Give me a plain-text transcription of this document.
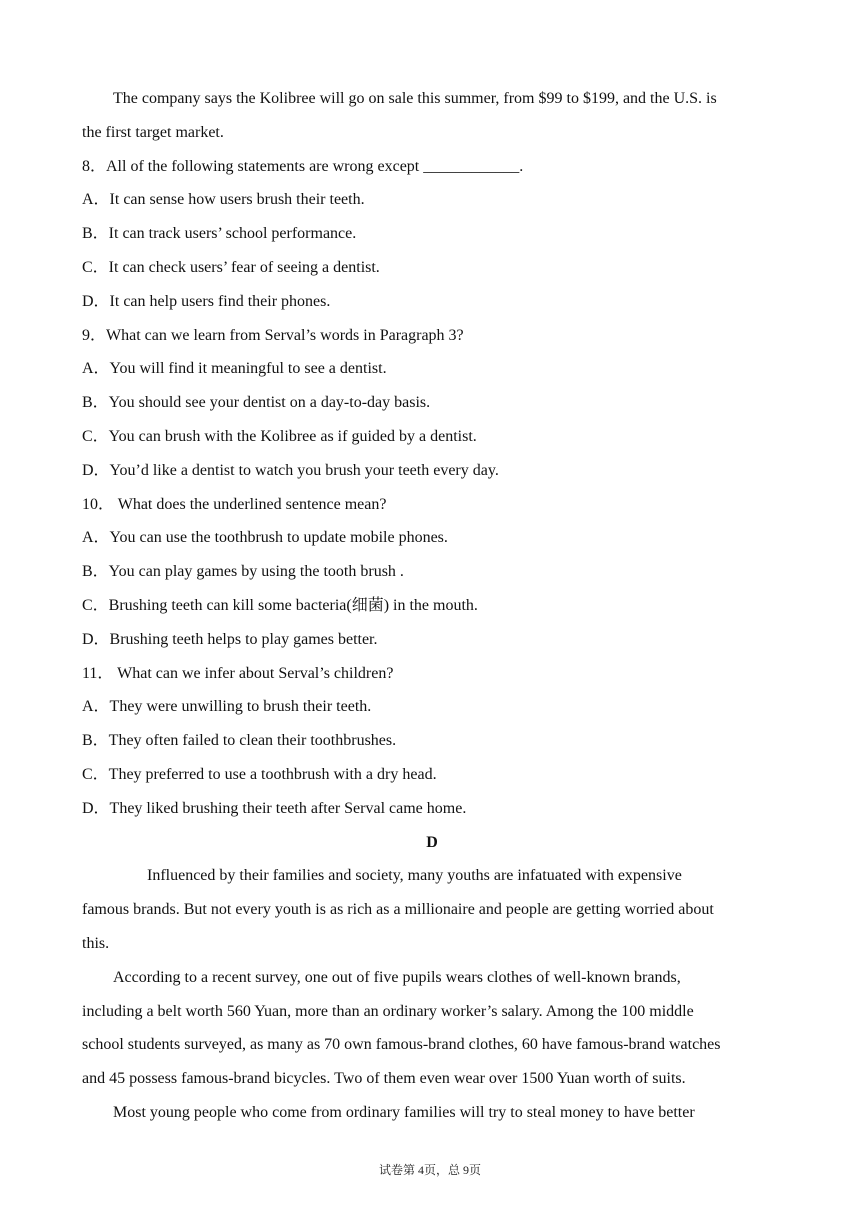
The company says the Kolibree will go on sale this summer, from $99 to $199, and the U.S. is
the first target market.
8．All of the following statements are wrong except ____________.
A．It can sense how users brush their teeth.
B．It can track users’ school performance.
C．It can check users’ fear of seeing a dentist.
D．It can help users find their phones.
9．What can we learn from Serval’s words in Paragraph 3?
A．You will find it meaningful to see a dentist.
B．You should see your dentist on a day-to-day basis.
C．You can brush with the Kolibree as if guided by a dentist.
D．You’d like a dentist to watch you brush your teeth every day.
10． What does the underlined sentence mean?
A．You can use the toothbrush to update mobile phones.
B．You can play games by using the tooth brush .
C．Brushing teeth can kill some bacteria(细菌) in the mouth.
D．Brushing teeth helps to play games better.
11． What can we infer about Serval’s children?
A．They were unwilling to brush their teeth.
B．They often failed to clean their toothbrushes.
C．They preferred to use a toothbrush with a dry head.
D．They liked brushing their teeth after Serval came home.
D
Influenced by their families and society, many youths are infatuated with expensive
famous brands. But not every youth is as rich as a millionaire and people are getting worried about
this.
According to a recent survey, one out of five pupils wears clothes of well-known brands,
including a belt worth 560 Yuan, more than an ordinary worker’s salary. Among the 100 middle
school students surveyed, as many as 70 own famous-brand clothes, 60 have famous-brand watches
and 45 possess famous-brand bicycles. Two of them even wear over 1500 Yuan worth of suits.
Most young people who come from ordinary families will try to steal money to have better
试卷第 4页，总 9页
